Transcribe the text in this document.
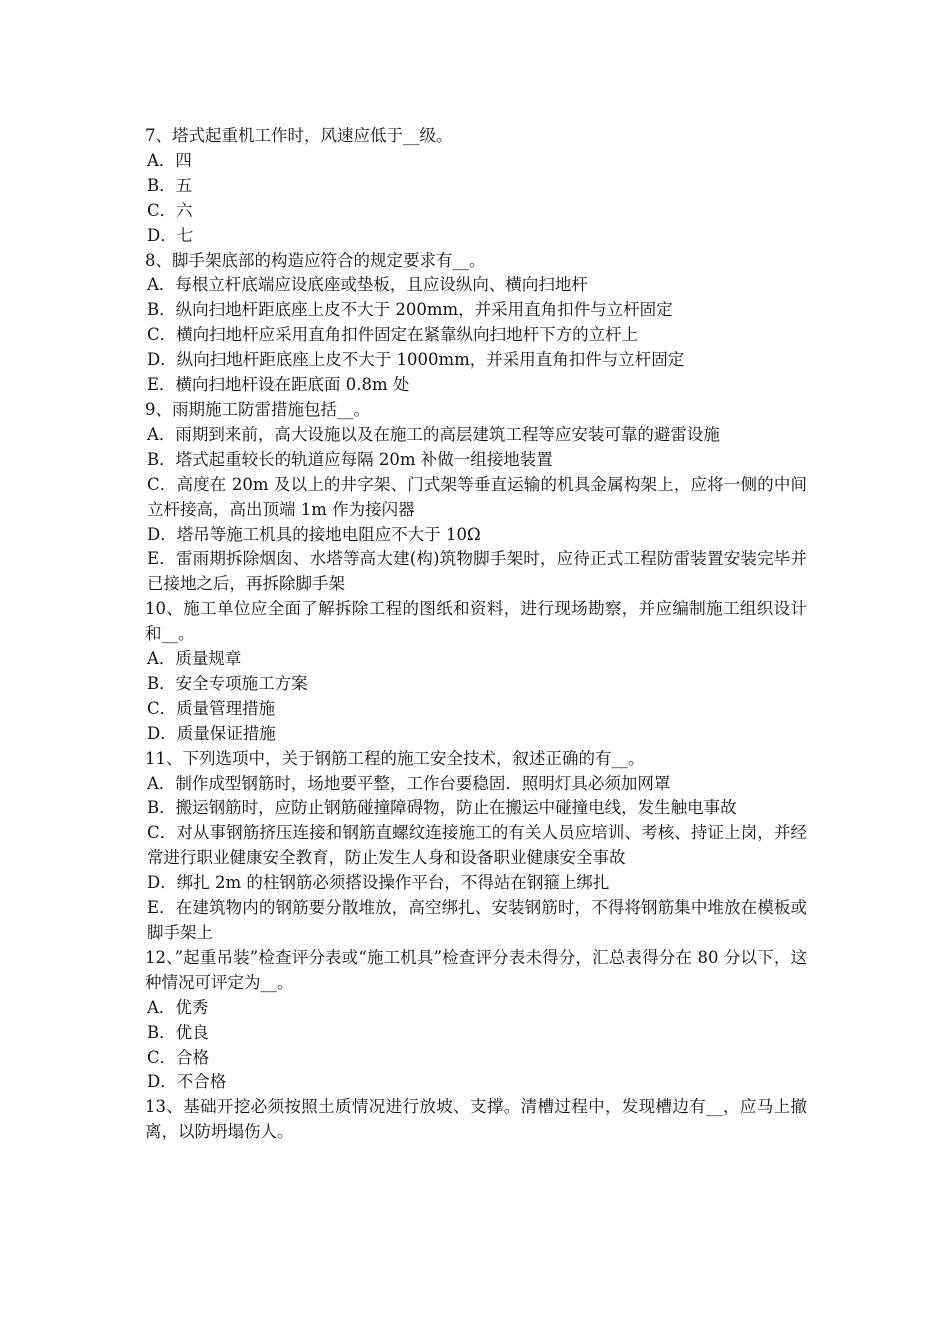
7、塔式起重机工作时，风速应低于__级。

A．四

B．五

C．六

D．七

8、脚手架底部的构造应符合的规定要求有__。

A．每根立杆底端应设底座或垫板，且应设纵向、横向扫地杆

B．纵向扫地杆距底座上皮不大于 200mm，并采用直角扣件与立杆固定

C．横向扫地杆应采用直角扣件固定在紧靠纵向扫地杆下方的立杆上

D．纵向扫地杆距底座上皮不大于 1000mm，并采用直角扣件与立杆固定

E．横向扫地杆设在距底面 0.8m 处

9、雨期施工防雷措施包括__。

A．雨期到来前，高大设施以及在施工的高层建筑工程等应安装可靠的避雷设施

B．塔式起重较长的轨道应每隔 20m 补做一组接地装置

C．高度在 20m 及以上的井字架、门式架等垂直运输的机具金属构架上，应将一侧的中间立杆接高，高出顶端 1m 作为接闪器

D．塔吊等施工机具的接地电阻应不大于 10Ω

E．雷雨期拆除烟囱、水塔等高大建(构)筑物脚手架时，应待正式工程防雷装置安装完毕并已接地之后，再拆除脚手架

10、施工单位应全面了解拆除工程的图纸和资料，进行现场勘察，并应编制施工组织设计和__。

A．质量规章

B．安全专项施工方案

C．质量管理措施

D．质量保证措施

11、下列选项中，关于钢筋工程的施工安全技术，叙述正确的有__。

A．制作成型钢筋时，场地要平整，工作台要稳固．照明灯具必须加网罩

B．搬运钢筋时，应防止钢筋碰撞障碍物，防止在搬运中碰撞电线，发生触电事故

C．对从事钢筋挤压连接和钢筋直螺纹连接施工的有关人员应培训、考核、持证上岗，并经常进行职业健康安全教育，防止发生人身和设备职业健康安全事故

D．绑扎 2m 的柱钢筋必须搭设操作平台，不得站在钢箍上绑扎

E．在建筑物内的钢筋要分散堆放，高空绑扎、安装钢筋时，不得将钢筋集中堆放在模板或脚手架上

12、”起重吊装”检查评分表或“施工机具”检查评分表未得分，汇总表得分在 80 分以下，这种情况可评定为__。

A．优秀

B．优良

C．合格

D．不合格

13、基础开挖必须按照土质情况进行放坡、支撑。清槽过程中，发现槽边有__，应马上撤离，以防坍塌伤人。
